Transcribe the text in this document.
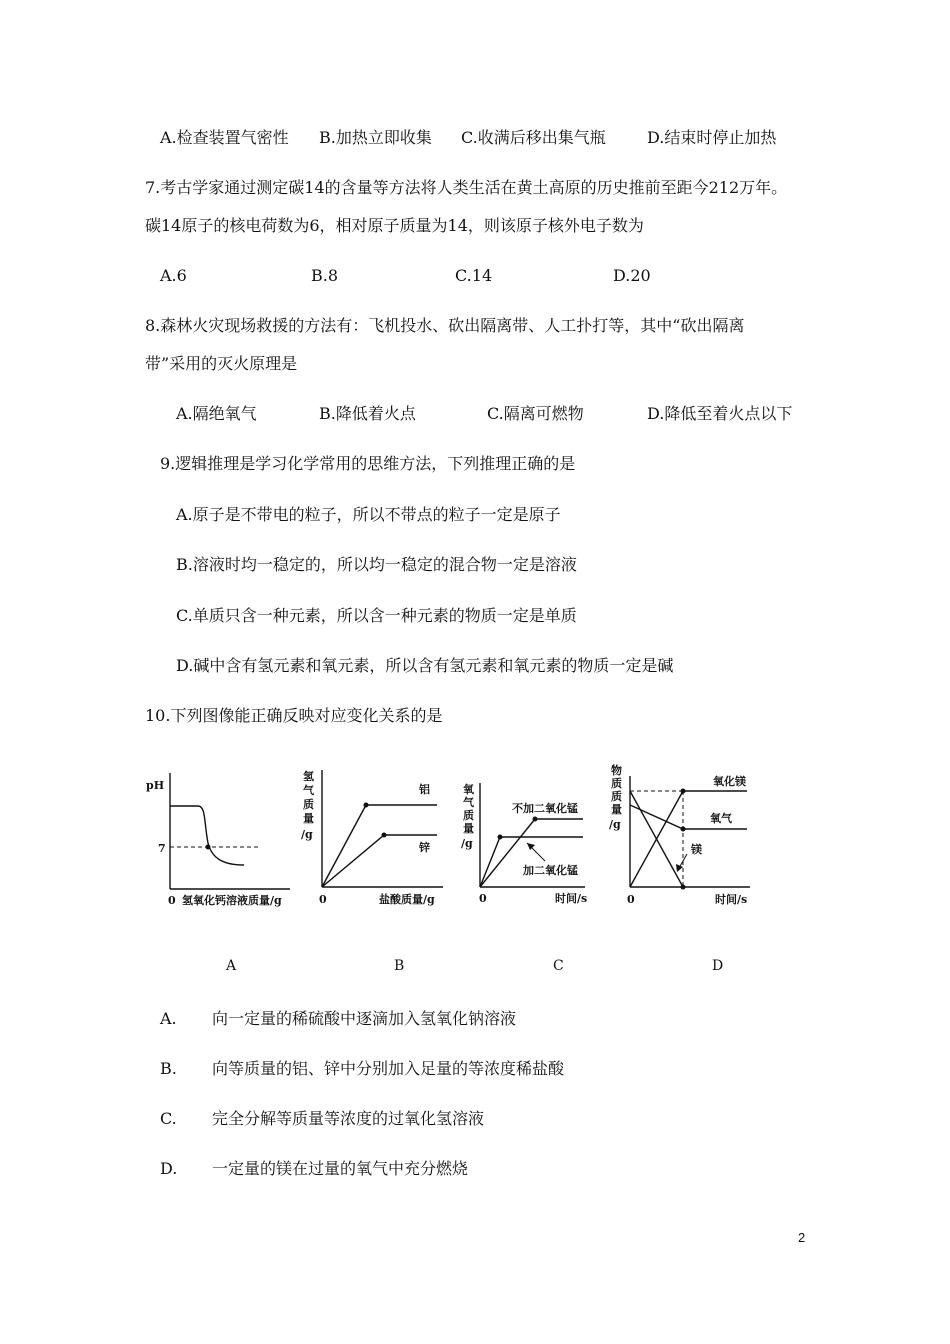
A.检查装置气密性 B.加热立即收集 C.收满后移出集气瓶	D.结束时停止加热
7.考古学家通过测定碳14的含量等方法将人类生活在黄土高原的历史推前至距今212万年。
碳14原子的核电荷数为6，相对原子质量为14，则该原子核外电子数为
A.6	B.8	C.14	D.20
8.森林火灾现场救援的方法有：飞机投水、砍出隔离带、人工扑打等，其中“砍出隔离
带”采用的灭火原理是
A.隔绝氧气	B.降低着火点	C.隔离可燃物	D.降低至着火点以下
9.逻辑推理是学习化学常用的思维方法，下列推理正确的是
A.原子是不带电的粒子，所以不带点的粒子一定是原子
B.溶液时均一稳定的，所以均一稳定的混合物一定是溶液
C.单质只含一种元素，所以含一种元素的物质一定是单质
D.碱中含有氢元素和氧元素，所以含有氢元素和氧元素的物质一定是碱
10.下列图像能正确反映对应变化关系的是
pH
7
0 氢氧化钙溶液质量/g
氢
气
质
量
/g
0	盐酸质量/g
铝
锌
氧
气
质
量
/g
0	时间/s
不加二氧化锰
加二氧化锰
物
质
质
量
/g
0	时间/s
氧化镁
氧气
镁
A	B	C	D
A. 向一定量的稀硫酸中逐滴加入氢氧化钠溶液
B. 向等质量的铝、锌中分别加入足量的等浓度稀盐酸
C. 完全分解等质量等浓度的过氧化氢溶液
D. 一定量的镁在过量的氧气中充分燃烧
2
